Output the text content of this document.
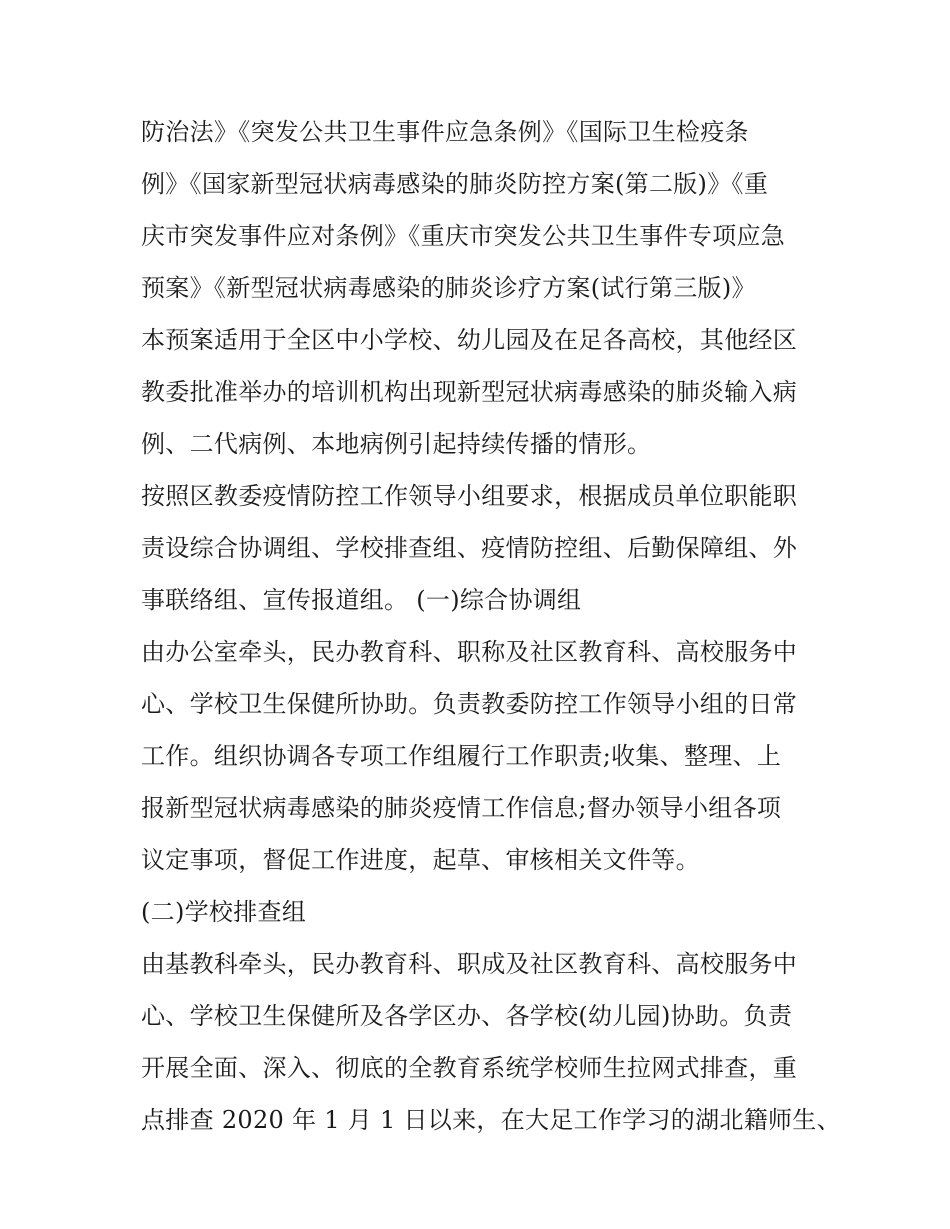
防治法》《突发公共卫生事件应急条例》《国际卫生检疫条
例》《国家新型冠状病毒感染的肺炎防控方案(第二版)》《重
庆市突发事件应对条例》《重庆市突发公共卫生事件专项应急
预案》《新型冠状病毒感染的肺炎诊疗方案(试行第三版)》
本预案适用于全区中小学校、幼儿园及在足各高校，其他经区
教委批准举办的培训机构出现新型冠状病毒感染的肺炎输入病
例、二代病例、本地病例引起持续传播的情形。
按照区教委疫情防控工作领导小组要求，根据成员单位职能职
责设综合协调组、学校排查组、疫情防控组、后勤保障组、外
事联络组、宣传报道组。 (一)综合协调组
由办公室牵头，民办教育科、职称及社区教育科、高校服务中
心、学校卫生保健所协助。负责教委防控工作领导小组的日常
工作。组织协调各专项工作组履行工作职责;收集、整理、上
报新型冠状病毒感染的肺炎疫情工作信息;督办领导小组各项
议定事项，督促工作进度，起草、审核相关文件等。
(二)学校排查组
由基教科牵头，民办教育科、职成及社区教育科、高校服务中
心、学校卫生保健所及各学区办、各学校(幼儿园)协助。负责
开展全面、深入、彻底的全教育系统学校师生拉网式排查，重
点排查 2020 年 1 月 1 日以来，在大足工作学习的湖北籍师生、
